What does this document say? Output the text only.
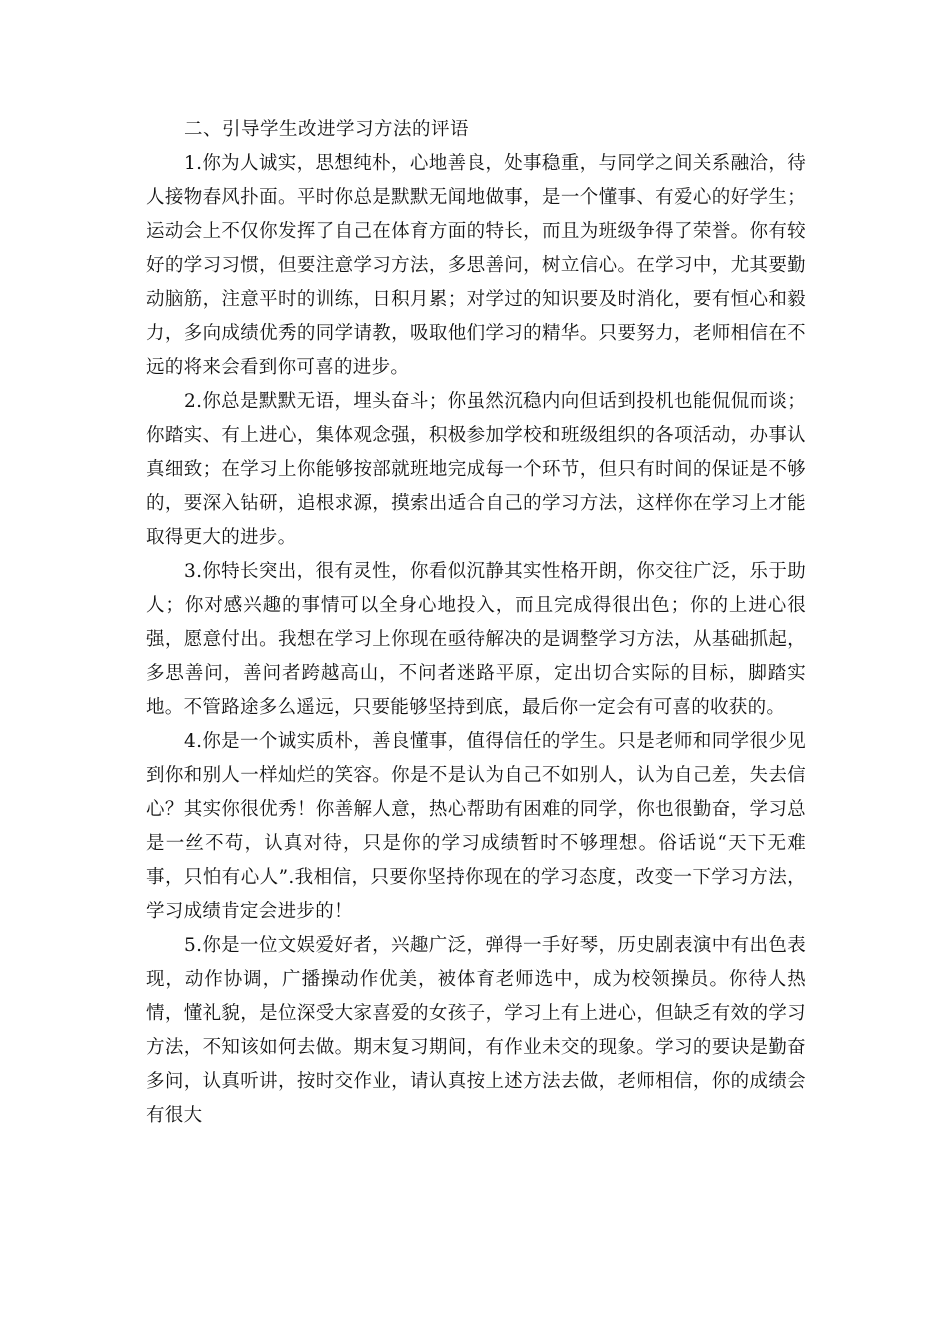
二、引导学生改进学习方法的评语

1.你为人诚实，思想纯朴，心地善良，处事稳重，与同学之间关系融洽，待人接物春风扑面。平时你总是默默无闻地做事，是一个懂事、有爱心的好学生；运动会上不仅你发挥了自己在体育方面的特长，而且为班级争得了荣誉。你有较好的学习习惯，但要注意学习方法，多思善问，树立信心。在学习中，尤其要勤动脑筋，注意平时的训练，日积月累；对学过的知识要及时消化，要有恒心和毅力，多向成绩优秀的同学请教，吸取他们学习的精华。只要努力，老师相信在不远的将来会看到你可喜的进步。

2.你总是默默无语，埋头奋斗；你虽然沉稳内向但话到投机也能侃侃而谈；你踏实、有上进心，集体观念强，积极参加学校和班级组织的各项活动，办事认真细致；在学习上你能够按部就班地完成每一个环节，但只有时间的保证是不够的，要深入钻研，追根求源，摸索出适合自己的学习方法，这样你在学习上才能取得更大的进步。

3.你特长突出，很有灵性，你看似沉静其实性格开朗，你交往广泛，乐于助人；你对感兴趣的事情可以全身心地投入，而且完成得很出色；你的上进心很强，愿意付出。我想在学习上你现在亟待解决的是调整学习方法，从基础抓起，多思善问，善问者跨越高山，不问者迷路平原，定出切合实际的目标，脚踏实地。不管路途多么遥远，只要能够坚持到底，最后你一定会有可喜的收获的。

4.你是一个诚实质朴，善良懂事，值得信任的学生。只是老师和同学很少见到你和别人一样灿烂的笑容。你是不是认为自己不如别人，认为自己差，失去信心？其实你很优秀！你善解人意，热心帮助有困难的同学，你也很勤奋，学习总是一丝不苟，认真对待，只是你的学习成绩暂时不够理想。俗话说“天下无难事，只怕有心人”.我相信，只要你坚持你现在的学习态度，改变一下学习方法，学习成绩肯定会进步的！

5.你是一位文娱爱好者，兴趣广泛，弹得一手好琴，历史剧表演中有出色表现，动作协调，广播操动作优美，被体育老师选中，成为校领操员。你待人热情，懂礼貌，是位深受大家喜爱的女孩子，学习上有上进心，但缺乏有效的学习方法，不知该如何去做。期末复习期间，有作业未交的现象。学习的要诀是勤奋多问，认真听讲，按时交作业，请认真按上述方法去做，老师相信，你的成绩会有很大
